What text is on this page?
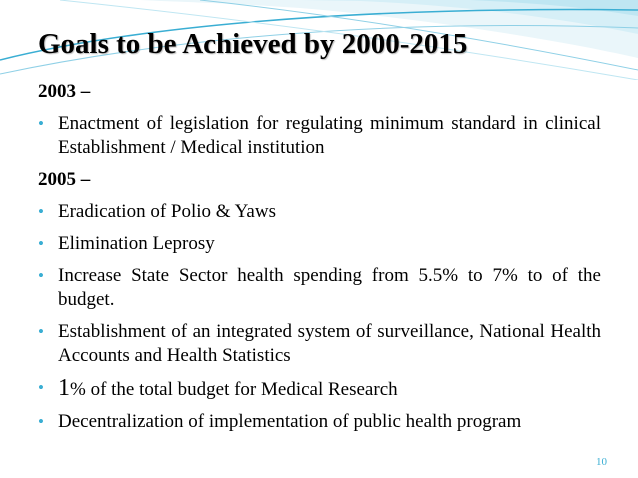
Goals to be Achieved by 2000-2015
2003 –
• Enactment of legislation for regulating minimum standard in clinical Establishment / Medical institution
2005 –
• Eradication of Polio & Yaws
• Elimination Leprosy
• Increase State Sector health spending from 5.5% to 7% to of the budget.
• Establishment of an integrated system of surveillance, National Health Accounts and Health Statistics
• 1% of the total budget for Medical Research
• Decentralization of implementation of public health program
10
